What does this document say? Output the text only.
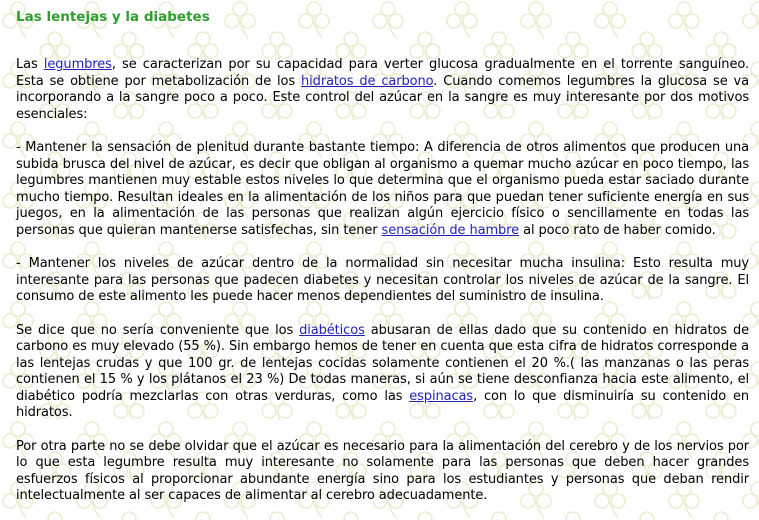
Las lentejas y la diabetes

Las legumbres, se caracterizan por su capacidad para verter glucosa gradualmente en el torrente sanguíneo. Esta se obtiene por metabolización de los hidratos de carbono. Cuando comemos legumbres la glucosa se va incorporando a la sangre poco a poco. Este control del azúcar en la sangre es muy interesante por dos motivos esenciales:

- Mantener la sensación de plenitud durante bastante tiempo: A diferencia de otros alimentos que producen una subida brusca del nivel de azúcar, es decir que obligan al organismo a quemar mucho azúcar en poco tiempo, las legumbres mantienen muy estable estos niveles lo que determina que el organismo pueda estar saciado durante mucho tiempo. Resultan ideales en la alimentación de los niños para que puedan tener suficiente energía en sus juegos, en la alimentación de las personas que realizan algún ejercicio físico o sencillamente en todas las personas que quieran mantenerse satisfechas, sin tener sensación de hambre al poco rato de haber comido.

- Mantener los niveles de azúcar dentro de la normalidad sin necesitar mucha insulina: Esto resulta muy interesante para las personas que padecen diabetes y necesitan controlar los niveles de azúcar de la sangre. El consumo de este alimento les puede hacer menos dependientes del suministro de insulina.

Se dice que no sería conveniente que los diabéticos abusaran de ellas dado que su contenido en hidratos de carbono es muy elevado (55 %). Sin embargo hemos de tener en cuenta que esta cifra de hidratos corresponde a las lentejas crudas y que 100 gr. de lentejas cocidas solamente contienen el 20 %.( las manzanas o las peras contienen el 15 % y los plátanos el 23 %) De todas maneras, si aún se tiene desconfianza hacia este alimento, el diabético podría mezclarlas con otras verduras, como las espinacas, con lo que disminuiría su contenido en hidratos.

Por otra parte no se debe olvidar que el azúcar es necesario para la alimentación del cerebro y de los nervios por lo que esta legumbre resulta muy interesante no solamente para las personas que deben hacer grandes esfuerzos físicos al proporcionar abundante energía sino para los estudiantes y personas que deban rendir intelectualmente al ser capaces de alimentar al cerebro adecuadamente.
